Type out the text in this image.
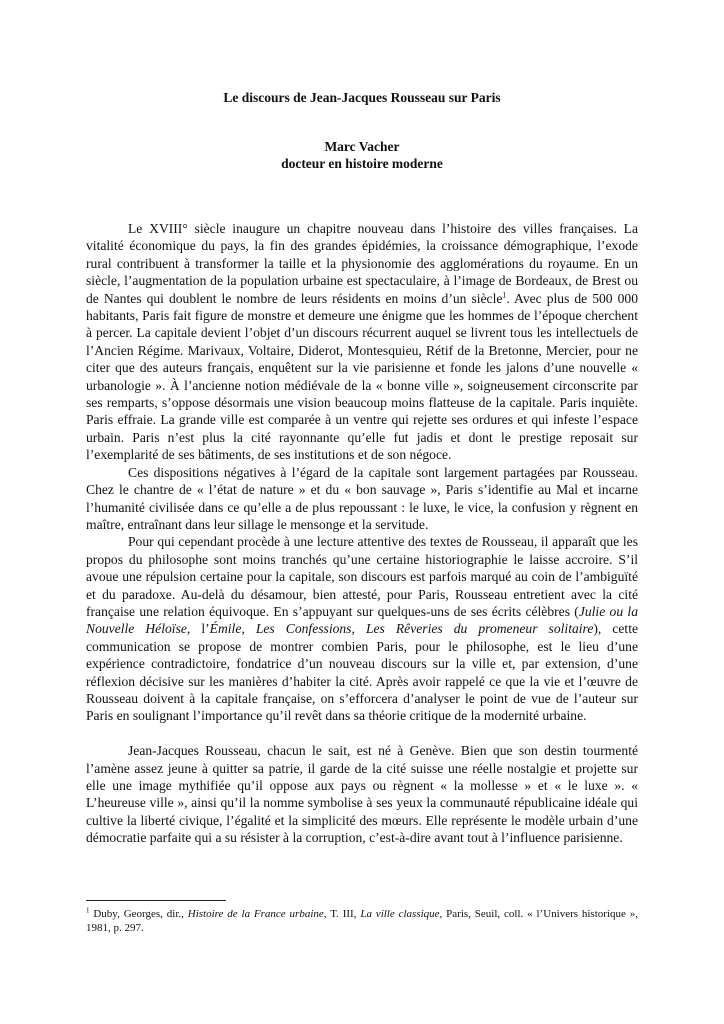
Le discours de Jean-Jacques Rousseau sur Paris
Marc Vacher
docteur en histoire moderne

Le XVIII° siècle inaugure un chapitre nouveau dans l’histoire des villes françaises. La vitalité économique du pays, la fin des grandes épidémies, la croissance démographique, l’exode rural contribuent à transformer la taille et la physionomie des agglomérations du royaume. En un siècle, l’augmentation de la population urbaine est spectaculaire, à l’image de Bordeaux, de Brest ou de Nantes qui doublent le nombre de leurs résidents en moins d’un siècle$^1$. Avec plus de 500 000 habitants, Paris fait figure de monstre et demeure une énigme que les hommes de l’époque cherchent à percer. La capitale devient l’objet d’un discours récurrent auquel se livrent tous les intellectuels de l’Ancien Régime. Marivaux, Voltaire, Diderot, Montesquieu, Rétif de la Bretonne, Mercier, pour ne citer que des auteurs français, enquêtent sur la vie parisienne et fonde les jalons d’une nouvelle « urbanologie ». À l’ancienne notion médiévale de la « bonne ville », soigneusement circonscrite par ses remparts, s’oppose désormais une vision beaucoup moins flatteuse de la capitale. Paris inquiète. Paris effraie. La grande ville est comparée à un ventre qui rejette ses ordures et qui infeste l’espace urbain. Paris n’est plus la cité rayonnante qu’elle fut jadis et dont le prestige reposait sur l’exemplarité de ses bâtiments, de ses institutions et de son négoce.

Ces dispositions négatives à l’égard de la capitale sont largement partagées par Rousseau. Chez le chantre de « l’état de nature » et du « bon sauvage », Paris s’identifie au Mal et incarne l’humanité civilisée dans ce qu’elle a de plus repoussant : le luxe, le vice, la confusion y règnent en maître, entraînant dans leur sillage le mensonge et la servitude.

Pour qui cependant procède à une lecture attentive des textes de Rousseau, il apparaît que les propos du philosophe sont moins tranchés qu’une certaine historiographie le laisse accroire. S’il avoue une répulsion certaine pour la capitale, son discours est parfois marqué au coin de l’ambiguïté et du paradoxe. Au-delà du désamour, bien attesté, pour Paris, Rousseau entretient avec la cité française une relation équivoque. En s’appuyant sur quelques-uns de ses écrits célèbres (Julie ou la Nouvelle Héloïse, l’Émile, Les Confessions, Les Rêveries du promeneur solitaire), cette communication se propose de montrer combien Paris, pour le philosophe, est le lieu d’une expérience contradictoire, fondatrice d’un nouveau discours sur la ville et, par extension, d’une réflexion décisive sur les manières d’habiter la cité. Après avoir rappelé ce que la vie et l’œuvre de Rousseau doivent à la capitale française, on s’efforcera d’analyser le point de vue de l’auteur sur Paris en soulignant l’importance qu’il revêt dans sa théorie critique de la modernité urbaine.

Jean-Jacques Rousseau, chacun le sait, est né à Genève. Bien que son destin tourmenté l’amène assez jeune à quitter sa patrie, il garde de la cité suisse une réelle nostalgie et projette sur elle une image mythifiée qu’il oppose aux pays ou règnent « la mollesse » et « le luxe ». « L’heureuse ville », ainsi qu’il la nomme symbolise à ses yeux la communauté républicaine idéale qui cultive la liberté civique, l’égalité et la simplicité des mœurs. Elle représente le modèle urbain d’une démocratie parfaite qui a su résister à la corruption, c’est-à-dire avant tout à l’influence parisienne.

$^1$ Duby, Georges, dir., Histoire de la France urbaine, T. III, La ville classique, Paris, Seuil, coll. « l’Univers historique », 1981, p. 297.
